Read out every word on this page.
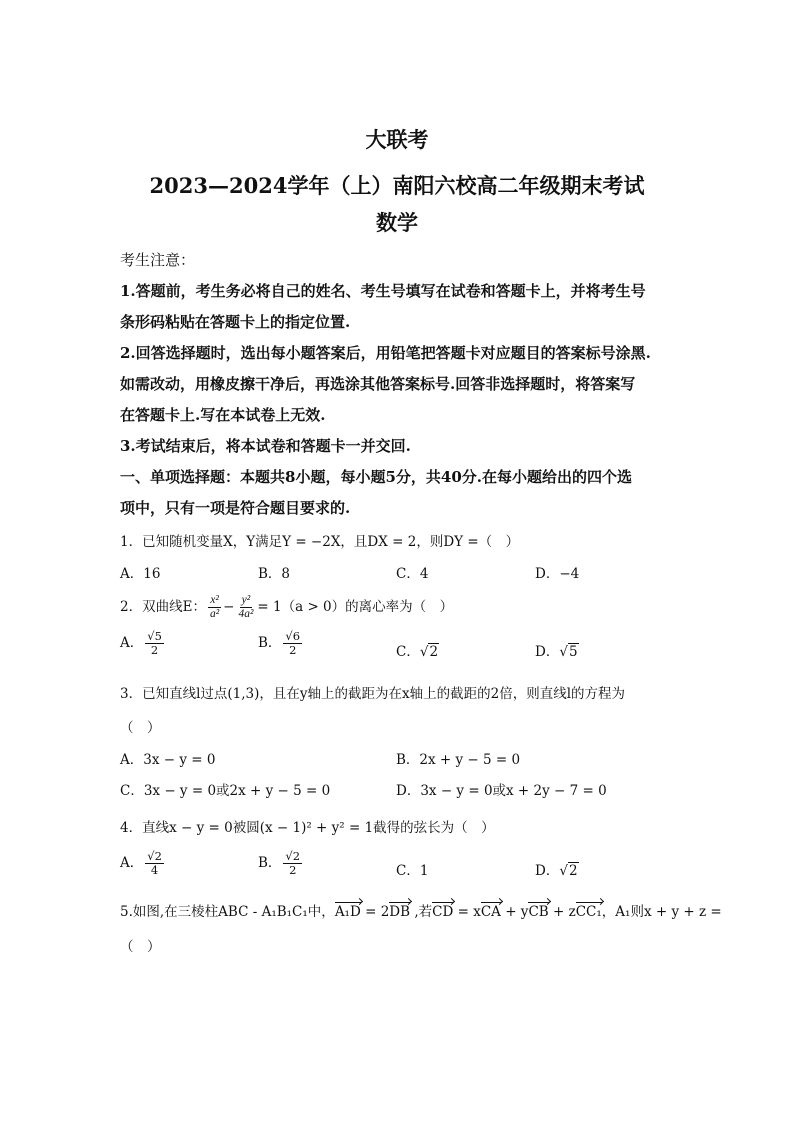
大联考
2023—2024学年（上）南阳六校高二年级期末考试
数学
考生注意：
1.答题前，考生务必将自己的姓名、考生号填写在试卷和答题卡上，并将考生号
条形码粘贴在答题卡上的指定位置.
2.回答选择题时，选出每小题答案后，用铅笔把答题卡对应题目的答案标号涂黑.
如需改动，用橡皮擦干净后，再选涂其他答案标号.回答非选择题时，将答案写
在答题卡上.写在本试卷上无效.
3.考试结束后，将本试卷和答题卡一并交回.
一、单项选择题：本题共8小题，每小题5分，共40分.在每小题给出的四个选
项中，只有一项是符合题目要求的.
1．已知随机变量X，Y满足Y = −2X，且DX = 2，则DY =（　）
A．16	B．8	C．4	D．−4
2．双曲线E： $\frac{\text{x²}}{\text{a²}} - \frac{\text{y²}}{\text{4a²}} = 1(a > 0)$的离心率为（　）
A． $\frac{√5}{2}$	B． $\frac{√6}{2}$	C．√2	D．√5
3．已知直线l过点(1,3)，且在y轴上的截距为在x轴上的截距的2倍，则直线l的方程为
（　）
A．3x − y = 0	B．2x + y − 5 = 0
C．3x − y = 0或2x + y − 5 = 0	D．3x − y = 0或x + 2y − 7 = 0
4．直线x − y = 0被圆(x − 1)² + y² = 1截得的弦长为（　）
A． $\frac{√2}{4}$	B． $\frac{√2}{2}$	C．1	D．√2
5.如图,在三棱柱ABC - A₁B₁C₁中，A₁D = 2DB ,若CD = xCA + yCB + zCC₁，A₁则x + y + z =
（　）
